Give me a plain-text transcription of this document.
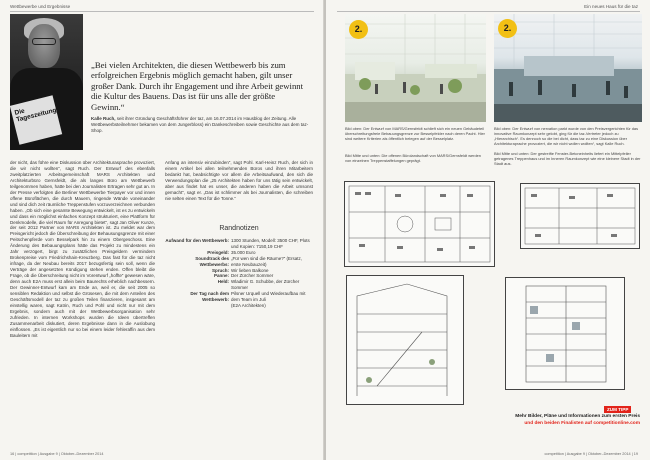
Wettbewerbe und Ergebnisse
Die Tageszeitung
„Bei vielen Architekten, die diesen Wettbewerb bis zum erfolgreichen Ergebnis möglich gemacht haben, gilt unser großer Dank. Durch ihr Engagement und ihre Arbeit gewinnt die Kultur des Bauens. Das ist für uns alle der größte Gewinn.“
Kalle Ruch, seit ihrer Gründung Geschäftsführer der taz, am 16.07.2014 im Hausblog der Zeitung. Alle Wettbewerbsteilnehmer bekamen von dem Jungerbloss) ein Dankeschreiben sowie Geschichte aus dem taz-Shop.
der nicht, das führe eine Diskussion über Architekturasprache provoziert, die wir nicht wollten“, sagt Ruch. Der Entwurf des ebenfalls zweitplatzierten Arbeitsgemeinschaft MARS Architekten und Architekturbüro Gernsfeldt, die als langes Büro am Wettbewerb teilgenommen haben, hatte bei den Journalisten Ertragen sehr gut an. In der Presse verfolgten die Berliner Wettbewerbe Tierpayer vor und innen offene Büroflächen, die durch Mauern, ringende Wände voneinander und sind dich zeit räumliche Treppenstufen vorzuverzeichnen verbunden haben. „Ob sich eine gesamte Bewegung entwickelt, ist es zu entwickeln und dass ein möglichst einfaches Konzept strukturiert, eine Plattform für Denkmodelle, die viel Raum für Anregung bietet“, sagt Jan Oliver Kunze, der seit 2012 Partner von MARS Architekten ist. Zu meldet war dem Preisgericht jedoch die Überschreibung der Behausungsgrenze mit einer Peitschenpferde vom Besselpark hin zu einem Obergeschoss. Eine Änderung des Bebauungsplans hätte das Projekt zu mindestens ein Jahr verzögert, birgt zu zusätzlichen Preisgeldern vermindern Brokenpreise vom Friedrichshain-Kreuzberg. Das fast für die taz nicht infrage, da der Neubau bereits 2017 bezugsfertig sein soll, wenn die Verträge der angesetzten Kündigung stehen enden. Offen bleibt die Frage, ob die Überschreitung nicht im Vorentwurf „hoffte“ gewesen wäre, denn auch E2A muss erst allein beim Baurechts erheblich nachbessern. Der Gewinner-Entwurf kam am Ende an, weil er, die seit 2005 so sensiblen Redaktion und selbst die Grüsesen, die mit dem Anteilen des Geschäftsmodell der taz zu großen Teilen finanzieren, insgesamt am einstellig waren, sagt Katrin, Ruch und Pohl und nicht nur mit dem Ergebnis, sondern auch mit der Wettbewerbsorganisation sehr zufrieden. In internen Workshops wurden die Ideen übertreffen Zusammenarbeit diskutiert, deren Ergebnisse dann in die Auslobung einflossen. „Es ist eigentlich nur so bei einem leider fehleraffin aus dem Bauleitern mit
Anfang an intensiv einzubinden“, sagt Pohl. Karl-Heinz Ruch, der sich in einem Artikel bei allen teilnehmenden Büros und ihren Mitarbeitern bedankt hat, beabsichtigte vor allem die Arbeitsaufwand, den sich die Verwendungsplan die „25 Architekten haben für uns tätig sein entwickelt, aber aus findet hat es unser, die anderen haben die Arbeit umsonst gemacht“, sagt er. „Das ist schlimmer als bei Journalisten, die schreiben nie selten einen Text für die Tonne.“
Randnotizen
Aufwand für den Wettbewerb: 1300 Stunden, Modell: 3500 CHF, Plots und Kopien: 7150,19 CHF
Preisgeld: 35.000 Euro
Soundtrack des Wettbewerbs:
„Für wen sind die Räume?“ (Ersatz, erste Neubauzeit)
Spruch: Wir lieben Balkone
Panne: Der Zürcher Sommer
Held: Wladimir G. Schubbe, der Zürcher Sommer
Der Tag nach dem Wettbewerb:
Pilsner Urquell und Wiederaufbau mit dem Team im Juli
(E2A Architekten)
16 | competition | Ausgabe 9 | Oktober–Dezember 2014
Ein neues Haus für die taz
2.	2.
Bild oben: Der Entwurf von MARS/Gernsfeldt schlieft sich ein neuen Gebäudeteil überschreitungsfreie Bebauungsgrenze zur Besselpfelder nach deren Pacht. Hier sind weitere Kriterien als öffentlich belegen auf der Besselplatz.
Bild oben: Der Entwurf von nervation parkt wurde von den Preisvergerichten für das innovative Raumkonzept sehr gelobt, ging für die taz-Vertreter jedoch zu „Hierarchisch“. Es dennoch so die bei dicht, dass taz zu eine Diskussion über Architekturaprache provoziert, die wir nicht wollen wollten“, sagt Kalle Ruch.
Bild Mitte und unten: Die offenen Bürolandschaft von MARS/Gernsfeldt werden von einzelnen Treppenstaffelungen geprägt.
Bild Mitte und unten: Der gestreifte Fenster-Betoneinheits liefert ein Mittelpfeiler getragenes Treppenhaus und im Inneren Raumkonzept wie eine kleinere Stadt in der Stadt aus.
ZUM TIPP
Mehr Bilder, Pläne und Informationen zum ersten Preis
und den beiden Finalisten auf competitionline.com
competition | Ausgabe 9 | Oktober–Dezember 2014 | 19
